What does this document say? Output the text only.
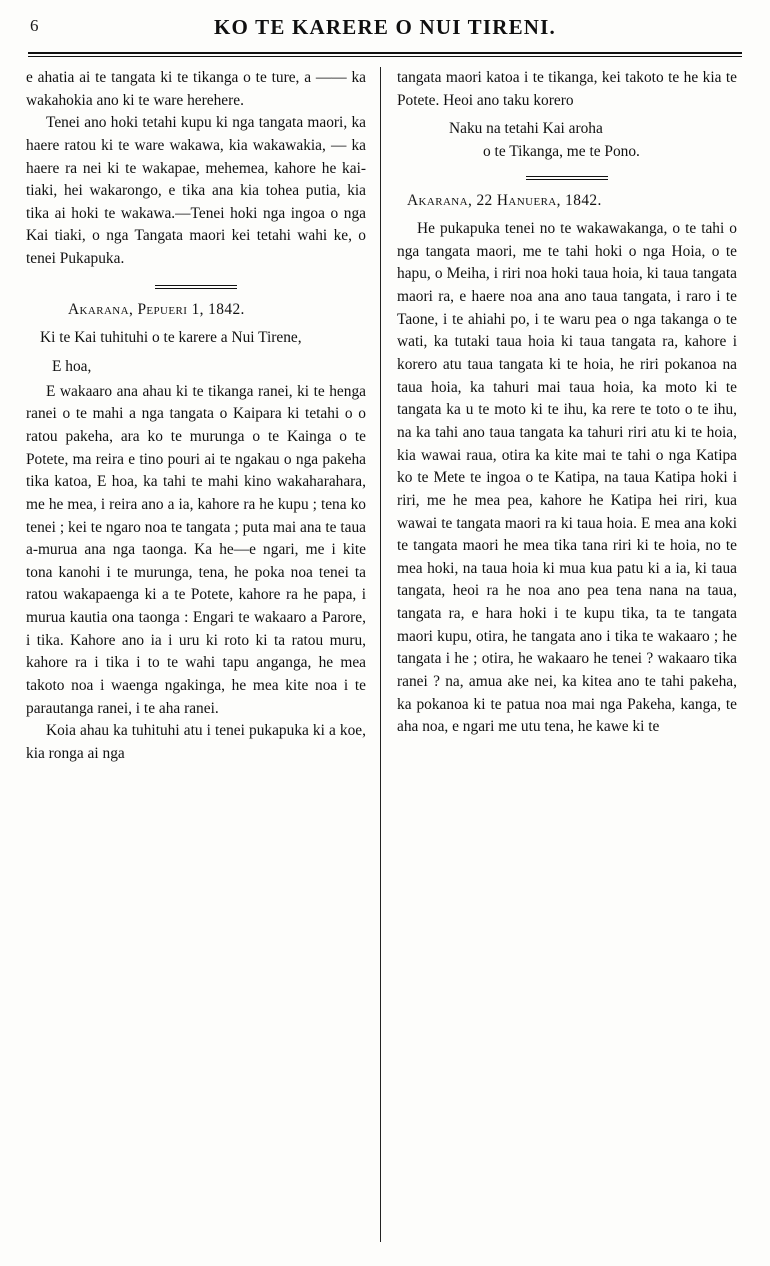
6	KO TE KARERE O NUI TIRENI.

e ahatia ai te tangata ki te tikanga o te ture, a —— ka wakahokia ano ki te ware herehere.

Tenei ano hoki tetahi kupu ki nga tangata maori, ka haere ratou ki te ware wakawa, kia wakawakia, — ka haere ra nei ki te wakapae, mehemea, kahore he kai-tiaki, hei wakarongo, e tika ana kia tohea putia, kia tika ai hoki te wakawa.—Tenei hoki nga ingoa o nga Kai tiaki, o nga Tangata maori kei tetahi wahi ke, o tenei Pukapuka.

Akarana, Pepueri 1, 1842.

Ki te Kai tuhituhi o te karere a Nui Tirene,

E hoa,

E wakaaro ana ahau ki te tikanga ranei, ki te henga ranei o te mahi a nga tangata o Kaipara ki tetahi o o ratou pakeha, ara ko te murunga o te Kainga o te Potete, ma reira e tino pouri ai te ngakau o nga pakeha tika katoa, E hoa, ka tahi te mahi kino wakaharahara, me he mea, i reira ano a ia, kahore ra he kupu ; tena ko tenei ; kei te ngaro noa te tangata ; puta mai ana te taua a-murua ana nga taonga. Ka he—e ngari, me i kite tona kanohi i te murunga, tena, he poka noa tenei ta ratou wakapaenga ki a te Potete, kahore ra he papa, i murua kautia ona taonga : Engari te wakaaro a Parore, i tika. Kahore ano ia i uru ki roto ki ta ratou muru, kahore ra i tika i to te wahi tapu anganga, he mea takoto noa i waenga ngakinga, he mea kite noa i te parautanga ranei, i te aha ranei.

Koia ahau ka tuhituhi atu i tenei pukapuka ki a koe, kia ronga ai nga

tangata maori katoa i te tikanga, kei takoto te he kia te Potete. Heoi ano taku korero

Naku na tetahi Kai aroha

o te Tikanga, me te Pono.

Akarana, 22 Hanuera, 1842.

He pukapuka tenei no te wakawakanga, o te tahi o nga tangata maori, me te tahi hoki o nga Hoia, o te hapu, o Meiha, i riri noa hoki taua hoia, ki taua tangata maori ra, e haere noa ana ano taua tangata, i raro i te Taone, i te ahiahi po, i te waru pea o nga takanga o te wati, ka tutaki taua hoia ki taua tangata ra, kahore i korero atu taua tangata ki te hoia, he riri pokanoa na taua hoia, ka tahuri mai taua hoia, ka moto ki te tangata ka u te moto ki te ihu, ka rere te toto o te ihu, na ka tahi ano taua tangata ka tahuri riri atu ki te hoia, kia wawai raua, otira ka kite mai te tahi o nga Katipa ko te Mete te ingoa o te Katipa, na taua Katipa hoki i riri, me he mea pea, kahore he Katipa hei riri, kua wawai te tangata maori ra ki taua hoia. E mea ana koki te tangata maori he mea tika tana riri ki te hoia, no te mea hoki, na taua hoia ki mua kua patu ki a ia, ki taua tangata, heoi ra he noa ano pea tena nana na taua, tangata ra, e hara hoki i te kupu tika, ta te tangata maori kupu, otira, he tangata ano i tika te wakaaro ; he tangata i he ; otira, he wakaaro he tenei ? wakaaro tika ranei ? na, amua ake nei, ka kitea ano te tahi pakeha, ka pokanoa ki te patua noa mai nga Pakeha, kanga, te aha noa, e ngari me utu tena, he kawe ki te
